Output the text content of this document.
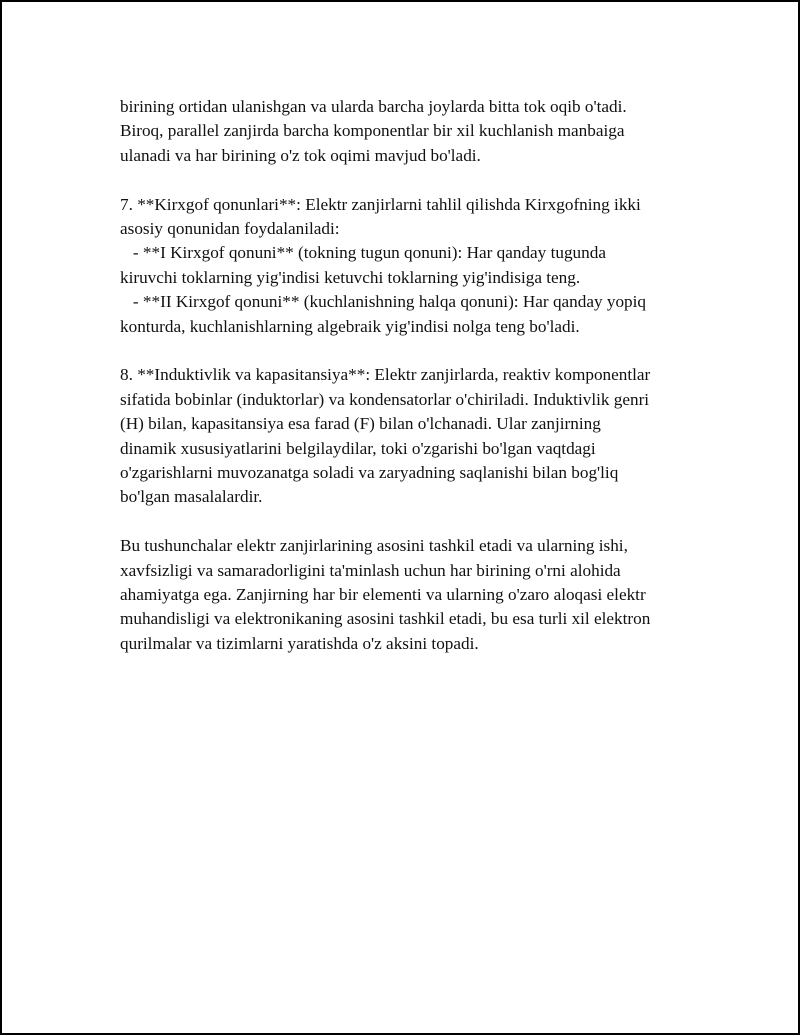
birining ortidan ulanishgan va ularda barcha joylarda bitta tok oqib o'tadi.
Biroq, parallel zanjirda barcha komponentlar bir xil kuchlanish manbaiga
ulanadi va har birining o'z tok oqimi mavjud bo'ladi.
7. **Kirxgof qonunlari**: Elektr zanjirlarni tahlil qilishda Kirxgofning ikki
asosiy qonunidan foydalaniladi:
- **I Kirxgof qonuni** (tokning tugun qonuni): Har qanday tugunda
kiruvchi toklarning yig'indisi ketuvchi toklarning yig'indisiga teng.
- **II Kirxgof qonuni** (kuchlanishning halqa qonuni): Har qanday yopiq
konturda, kuchlanishlarning algebraik yig'indisi nolga teng bo'ladi.
8. **Induktivlik va kapasitansiya**: Elektr zanjirlarda, reaktiv komponentlar
sifatida bobinlar (induktorlar) va kondensatorlar o'chiriladi. Induktivlik genri
(H) bilan, kapasitansiya esa farad (F) bilan o'lchanadi. Ular zanjirning
dinamik xususiyatlarini belgilaydilar, toki o'zgarishi bo'lgan vaqtdagi
o'zgarishlarni muvozanatga soladi va zaryadning saqlanishi bilan bog'liq
bo'lgan masalalardir.
Bu tushunchalar elektr zanjirlarining asosini tashkil etadi va ularning ishi,
xavfsizligi va samaradorligini ta'minlash uchun har birining o'rni alohida
ahamiyatga ega. Zanjirning har bir elementi va ularning o'zaro aloqasi elektr
muhandisligi va elektronikaning asosini tashkil etadi, bu esa turli xil elektron
qurilmalar va tizimlarni yaratishda o'z aksini topadi.
